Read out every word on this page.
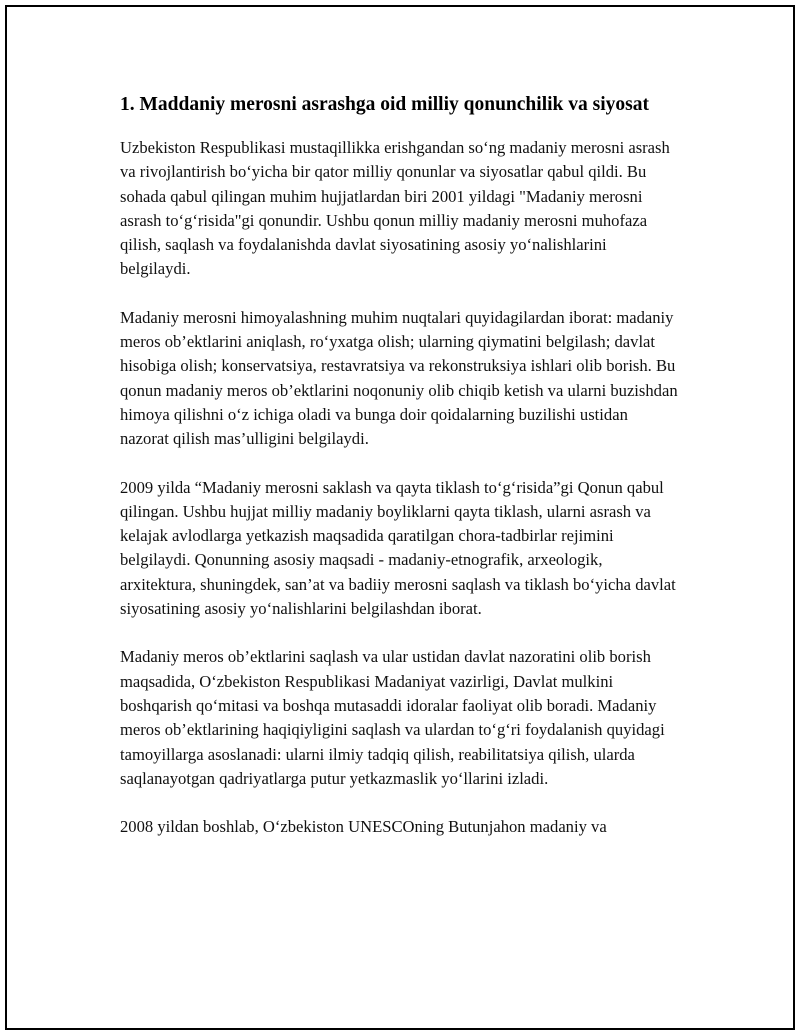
1. Maddaniy merosni asrashga oid milliy qonunchilik va siyosat

Uzbekiston Respublikasi mustaqillikka erishgandan so‘ng madaniy merosni asrash va rivojlantirish bo‘yicha bir qator milliy qonunlar va siyosatlar qabul qildi. Bu sohada qabul qilingan muhim hujjatlardan biri 2001 yildagi "Madaniy merosni asrash to‘g‘risida"gi qonundir. Ushbu qonun milliy madaniy merosni muhofaza qilish, saqlash va foydalanishda davlat siyosatining asosiy yo‘nalishlarini belgilaydi.

Madaniy merosni himoyalashning muhim nuqtalari quyidagilardan iborat: madaniy meros ob’ektlarini aniqlash, ro‘yxatga olish; ularning qiymatini belgilash; davlat hisobiga olish; konservatsiya, restavratsiya va rekonstruksiya ishlari olib borish. Bu qonun madaniy meros ob’ektlarini noqonuniy olib chiqib ketish va ularni buzishdan himoya qilishni o‘z ichiga oladi va bunga doir qoidalarning buzilishi ustidan nazorat qilish mas’ulligini belgilaydi.

2009 yilda “Madaniy merosni saklash va qayta tiklash to‘g‘risida”gi Qonun qabul qilingan. Ushbu hujjat milliy madaniy boyliklarni qayta tiklash, ularni asrash va kelajak avlodlarga yetkazish maqsadida qaratilgan chora-tadbirlar rejimini belgilaydi. Qonunning asosiy maqsadi - madaniy-etnografik, arxeologik, arxitektura, shuningdek, san’at va badiiy merosni saqlash va tiklash bo‘yicha davlat siyosatining asosiy yo‘nalishlarini belgilashdan iborat.

Madaniy meros ob’ektlarini saqlash va ular ustidan davlat nazoratini olib borish maqsadida, O‘zbekiston Respublikasi Madaniyat vazirligi, Davlat mulkini boshqarish qo‘mitasi va boshqa mutasaddi idoralar faoliyat olib boradi. Madaniy meros ob’ektlarining haqiqiyligini saqlash va ulardan to‘g‘ri foydalanish quyidagi tamoyillarga asoslanadi: ularni ilmiy tadqiq qilish, reabilitatsiya qilish, ularda saqlanayotgan qadriyatlarga putur yetkazmaslik yo‘llarini izladi.

2008 yildan boshlab, O‘zbekiston UNESCOning Butunjahon madaniy va
